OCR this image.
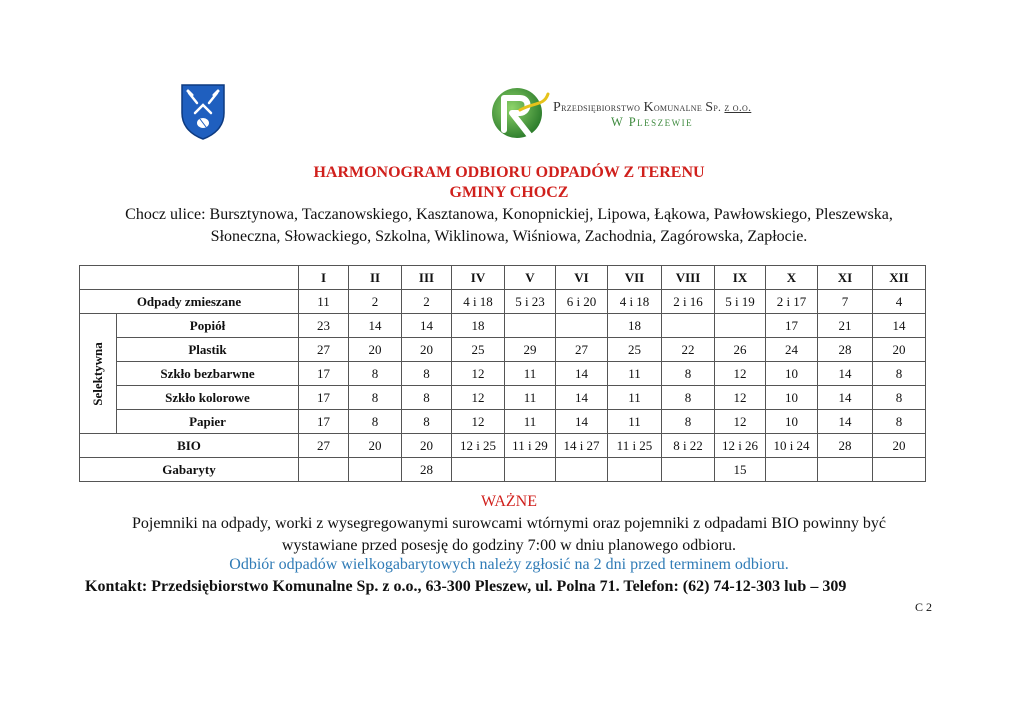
Przedsiębiorstwo Komunalne Sp. z o.o.
W Pleszewie
HARMONOGRAM ODBIORU ODPADÓW Z TERENU
GMINY CHOCZ
Chocz ulice: Bursztynowa, Taczanowskiego, Kasztanowa, Konopnickiej, Lipowa, Łąkowa, Pawłowskiego, Pleszewska,
Słoneczna, Słowackiego, Szkolna, Wiklinowa, Wiśniowa, Zachodnia, Zagórowska, Zapłocie.
		I	II	III	IV	V	VI	VII	VIII	IX	X	XI	XII
Odpady zmieszane		11	2	2	4 i 18	5 i 23	6 i 20	4 i 18	2 i 16	5 i 19	2 i 17	7	4

Selektywna	Popiół	23	14	14	18			18			17	21	14
	Plastik	27	20	20	25	29	27	25	22	26	24	28	20
	Szkło bezbarwne	17	8	8	12	11	14	11	8	12	10	14	8
	Szkło kolorowe	17	8	8	12	11	14	11	8	12	10	14	8
	Papier	17	8	8	12	11	14	11	8	12	10	14	8
BIO		27	20	20	12 i 25	11 i 29	14 i 27	11 i 25	8 i 22	12 i 26	10 i 24	28	20
Gabaryty				28						15			
WAŻNE
Pojemniki na odpady, worki z wysegregowanymi surowcami wtórnymi oraz pojemniki z odpadami BIO powinny być
wystawiane przed posesję do godziny 7:00 w dniu planowego odbioru.
Odbiór odpadów wielkogabarytowych należy zgłosić na 2 dni przed terminem odbioru.
Kontakt: Przedsiębiorstwo Komunalne Sp. z o.o., 63-300 Pleszew, ul. Polna 71. Telefon: (62) 74-12-303 lub – 309
C 2
